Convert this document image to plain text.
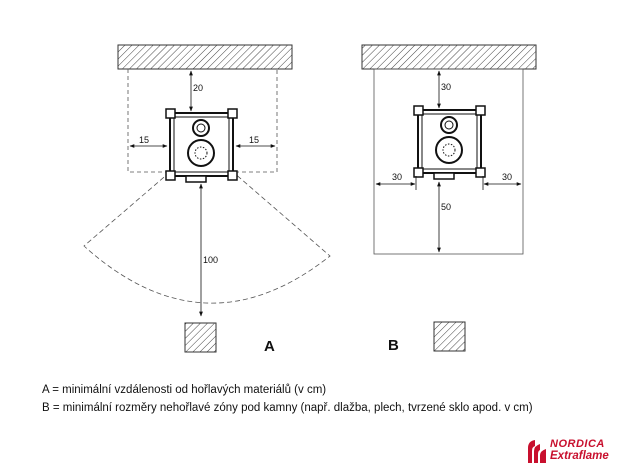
20
15	15
100
A
30
30	30
50
B
A = minimální vzdálenosti od hořlavých materiálů (v cm)
B = minimální rozměry nehořlavé zóny pod kamny (např. dlažba, plech, tvrzené sklo apod. v cm)
NORDICA
Extraflame
